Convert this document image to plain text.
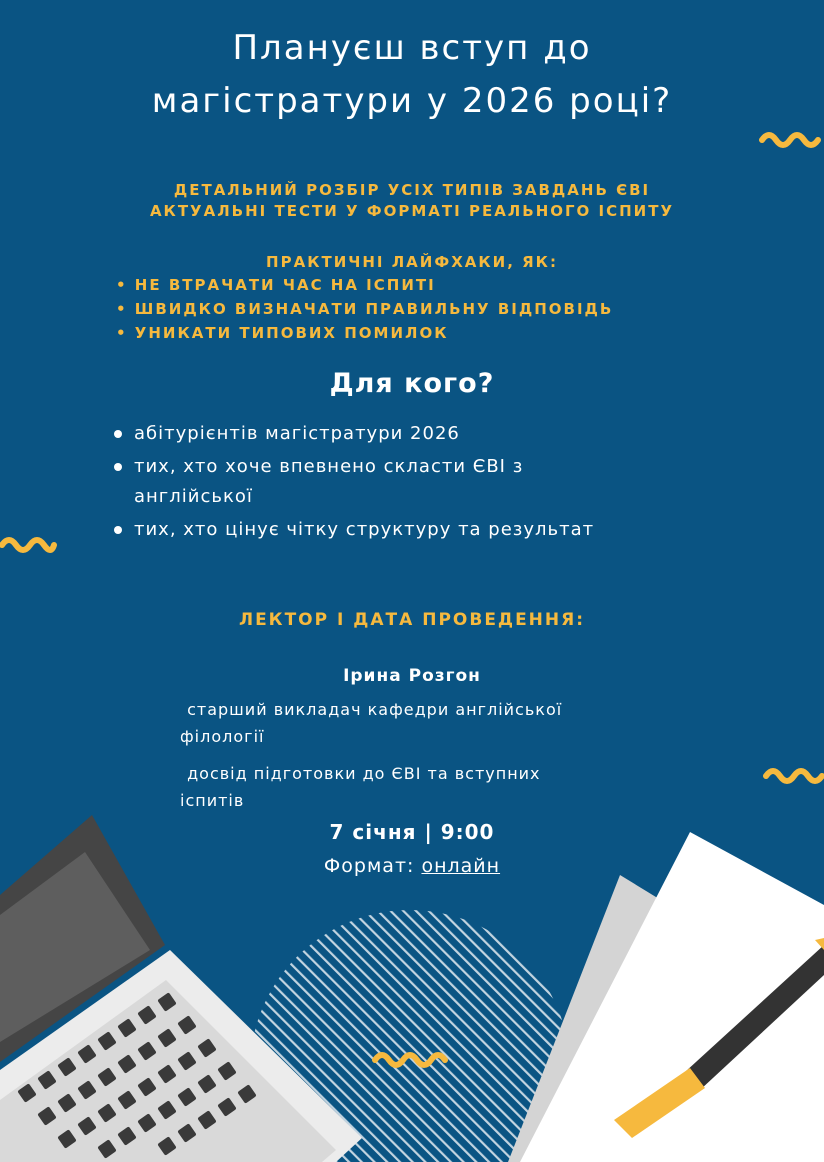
Плануєш вступ до
магістратури у 2026 році?
ДЕТАЛЬНИЙ РОЗБІР УСІХ ТИПІВ ЗАВДАНЬ ЄВІ
АКТУАЛЬНІ ТЕСТИ У ФОРМАТІ РЕАЛЬНОГО ІСПИТУ
ПРАКТИЧНІ ЛАЙФХАКИ, ЯК:
• НЕ ВТРАЧАТИ ЧАС НА ІСПИТІ
• ШВИДКО ВИЗНАЧАТИ ПРАВИЛЬНУ ВІДПОВІДЬ
• УНИКАТИ ТИПОВИХ ПОМИЛОК
Для кого?
абітурієнтів магістратури 2026
тих, хто хоче впевнено скласти ЄВІ з
англійської
тих, хто цінує чітку структуру та результат
ЛЕКТОР І ДАТА ПРОВЕДЕННЯ:
Ірина Розгон
старший викладач кафедри англійської
філології
досвід підготовки до ЄВІ та вступних
іспитів
7 січня | 9:00
Формат: онлайн
